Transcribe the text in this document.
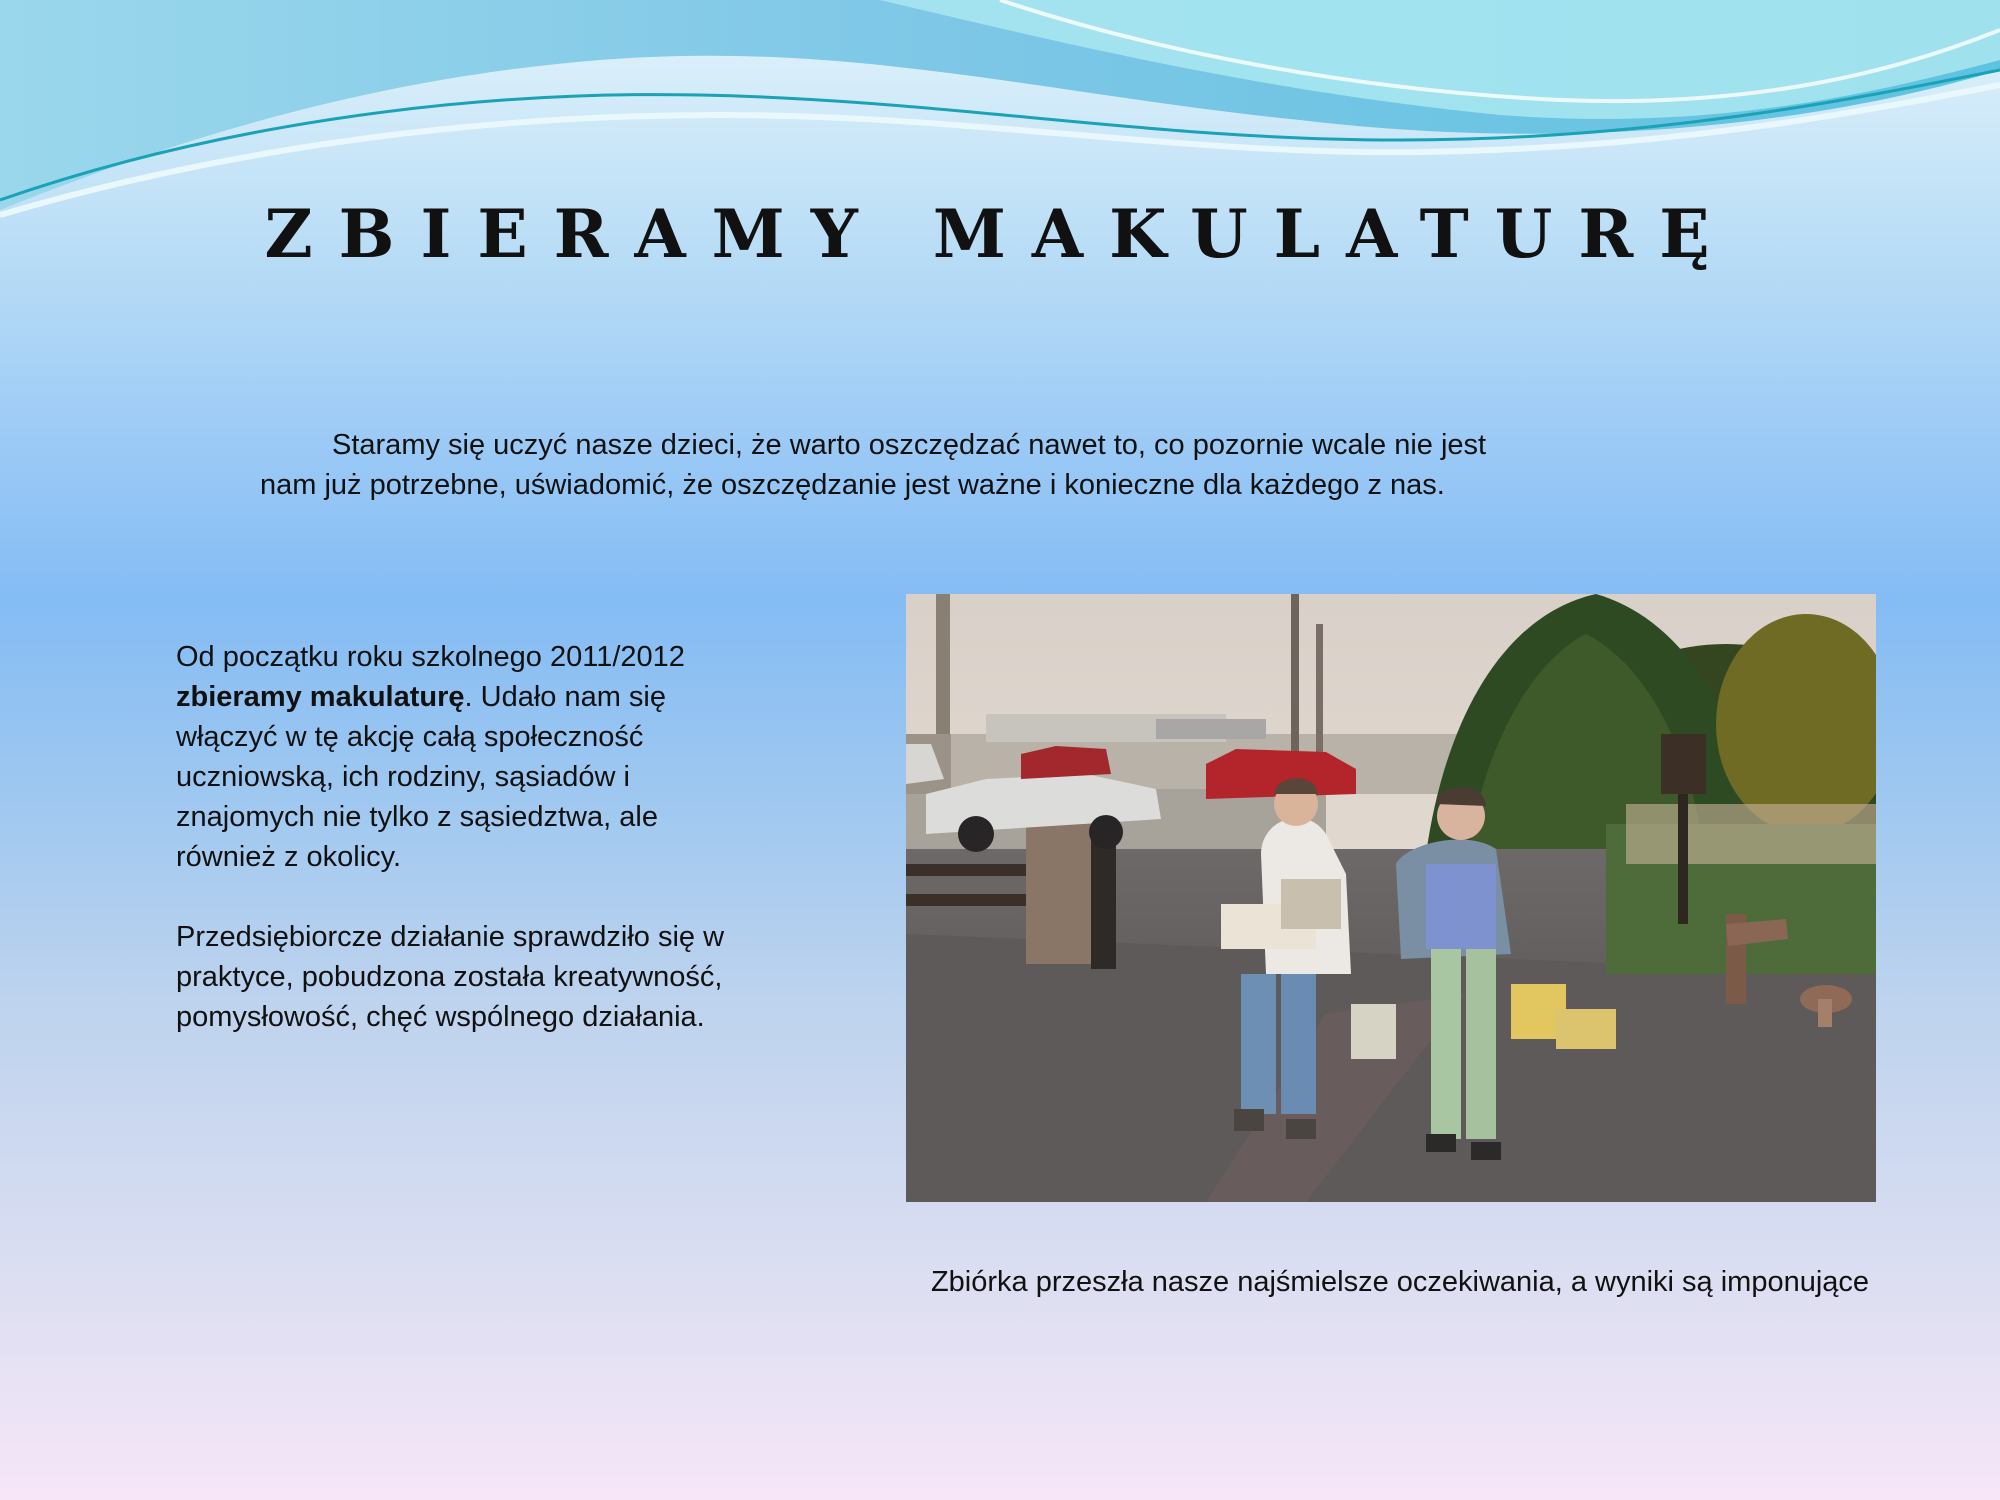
ZBIERAMY MAKULATURĘ

Staramy się uczyć nasze dzieci, że warto oszczędzać nawet to, co pozornie wcale nie jest
nam już potrzebne, uświadomić, że oszczędzanie jest ważne i konieczne dla każdego z nas.

Od początku roku szkolnego 2011/2012 zbieramy makulaturę. Udało nam się włączyć w tę akcję całą społeczność uczniowską, ich rodziny, sąsiadów i znajomych nie tylko z sąsiedztwa, ale również z okolicy.

Przedsiębiorcze działanie sprawdziło się w praktyce, pobudzona została kreatywność, pomysłowość, chęć wspólnego działania.

Zbiórka przeszła nasze najśmielsze oczekiwania, a wyniki są imponujące
